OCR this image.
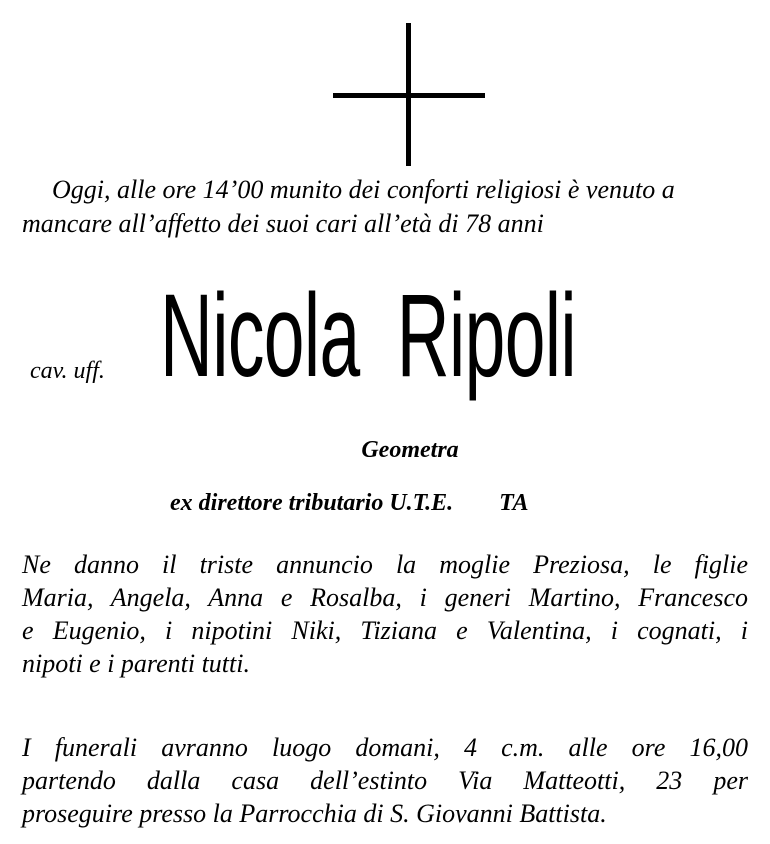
Oggi, alle ore 14’00 munito dei conforti religiosi è venuto a
mancare all’affetto dei suoi cari all’età di 78 anni
cav. uff. Nicola Ripoli
Geometra
ex direttore tributario U.T.E. TA
Ne danno il triste annuncio la moglie Preziosa, le figlie
Maria, Angela, Anna e Rosalba, i generi Martino, Francesco
e Eugenio, i nipotini Niki, Tiziana e Valentina, i cognati, i
nipoti e i parenti tutti.
I funerali avranno luogo domani, 4 c.m. alle ore 16,00
partendo dalla casa dell’estinto Via Matteotti, 23 per
proseguire presso la Parrocchia di S. Giovanni Battista.
